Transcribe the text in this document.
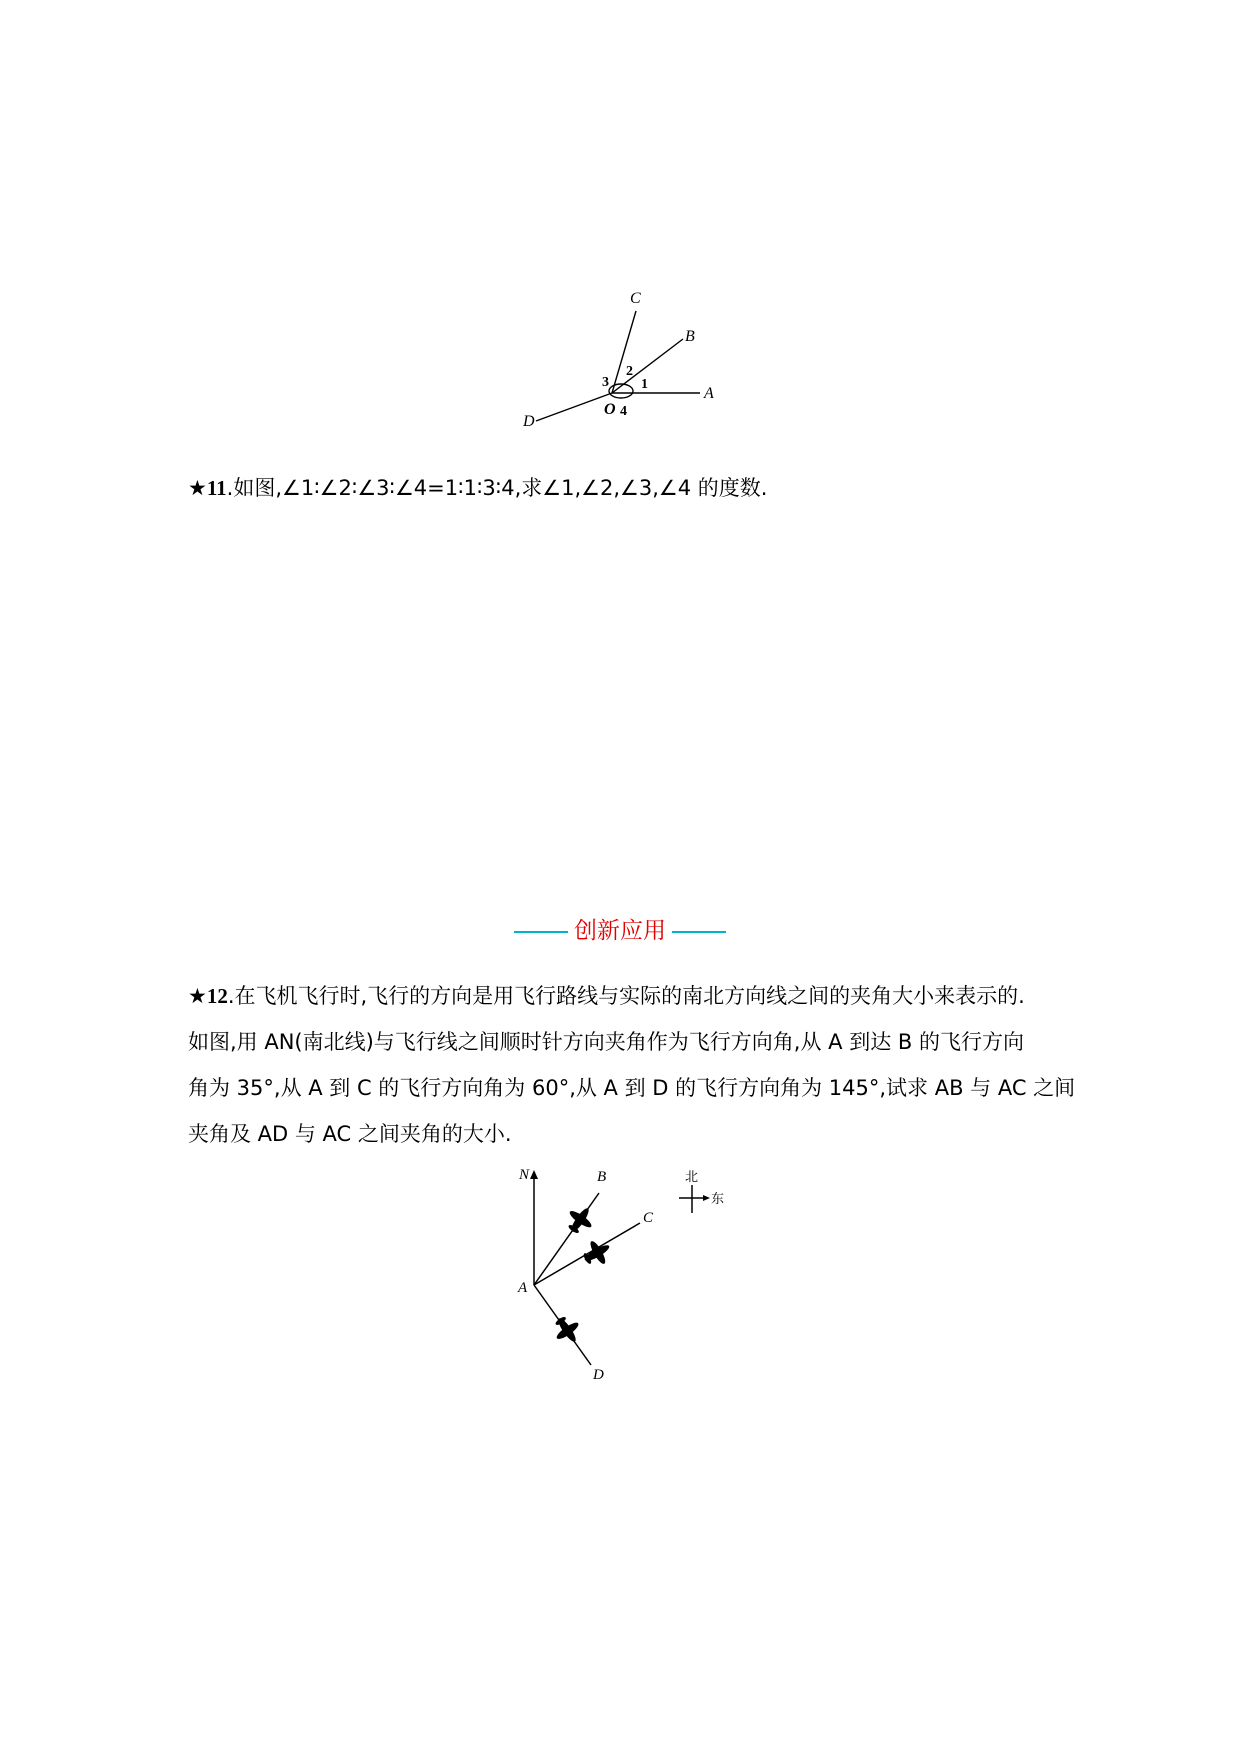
C
B
A
D
O
1
2
3
4
★11.如图,∠1∶∠2∶∠3∶∠4=1∶1∶3∶4,求∠1,∠2,∠3,∠4 的度数.
创新应用
★12.在飞机飞行时,飞行的方向是用飞行路线与实际的南北方向线之间的夹角大小来表示的.
如图,用 AN(南北线)与飞行线之间顺时针方向夹角作为飞行方向角,从 A 到达 B 的飞行方向
角为 35°,从 A 到 C 的飞行方向角为 60°,从 A 到 D 的飞行方向角为 145°,试求 AB 与 AC 之间
夹角及 AD 与 AC 之间夹角的大小.
N	B
C
A
D
北
东
